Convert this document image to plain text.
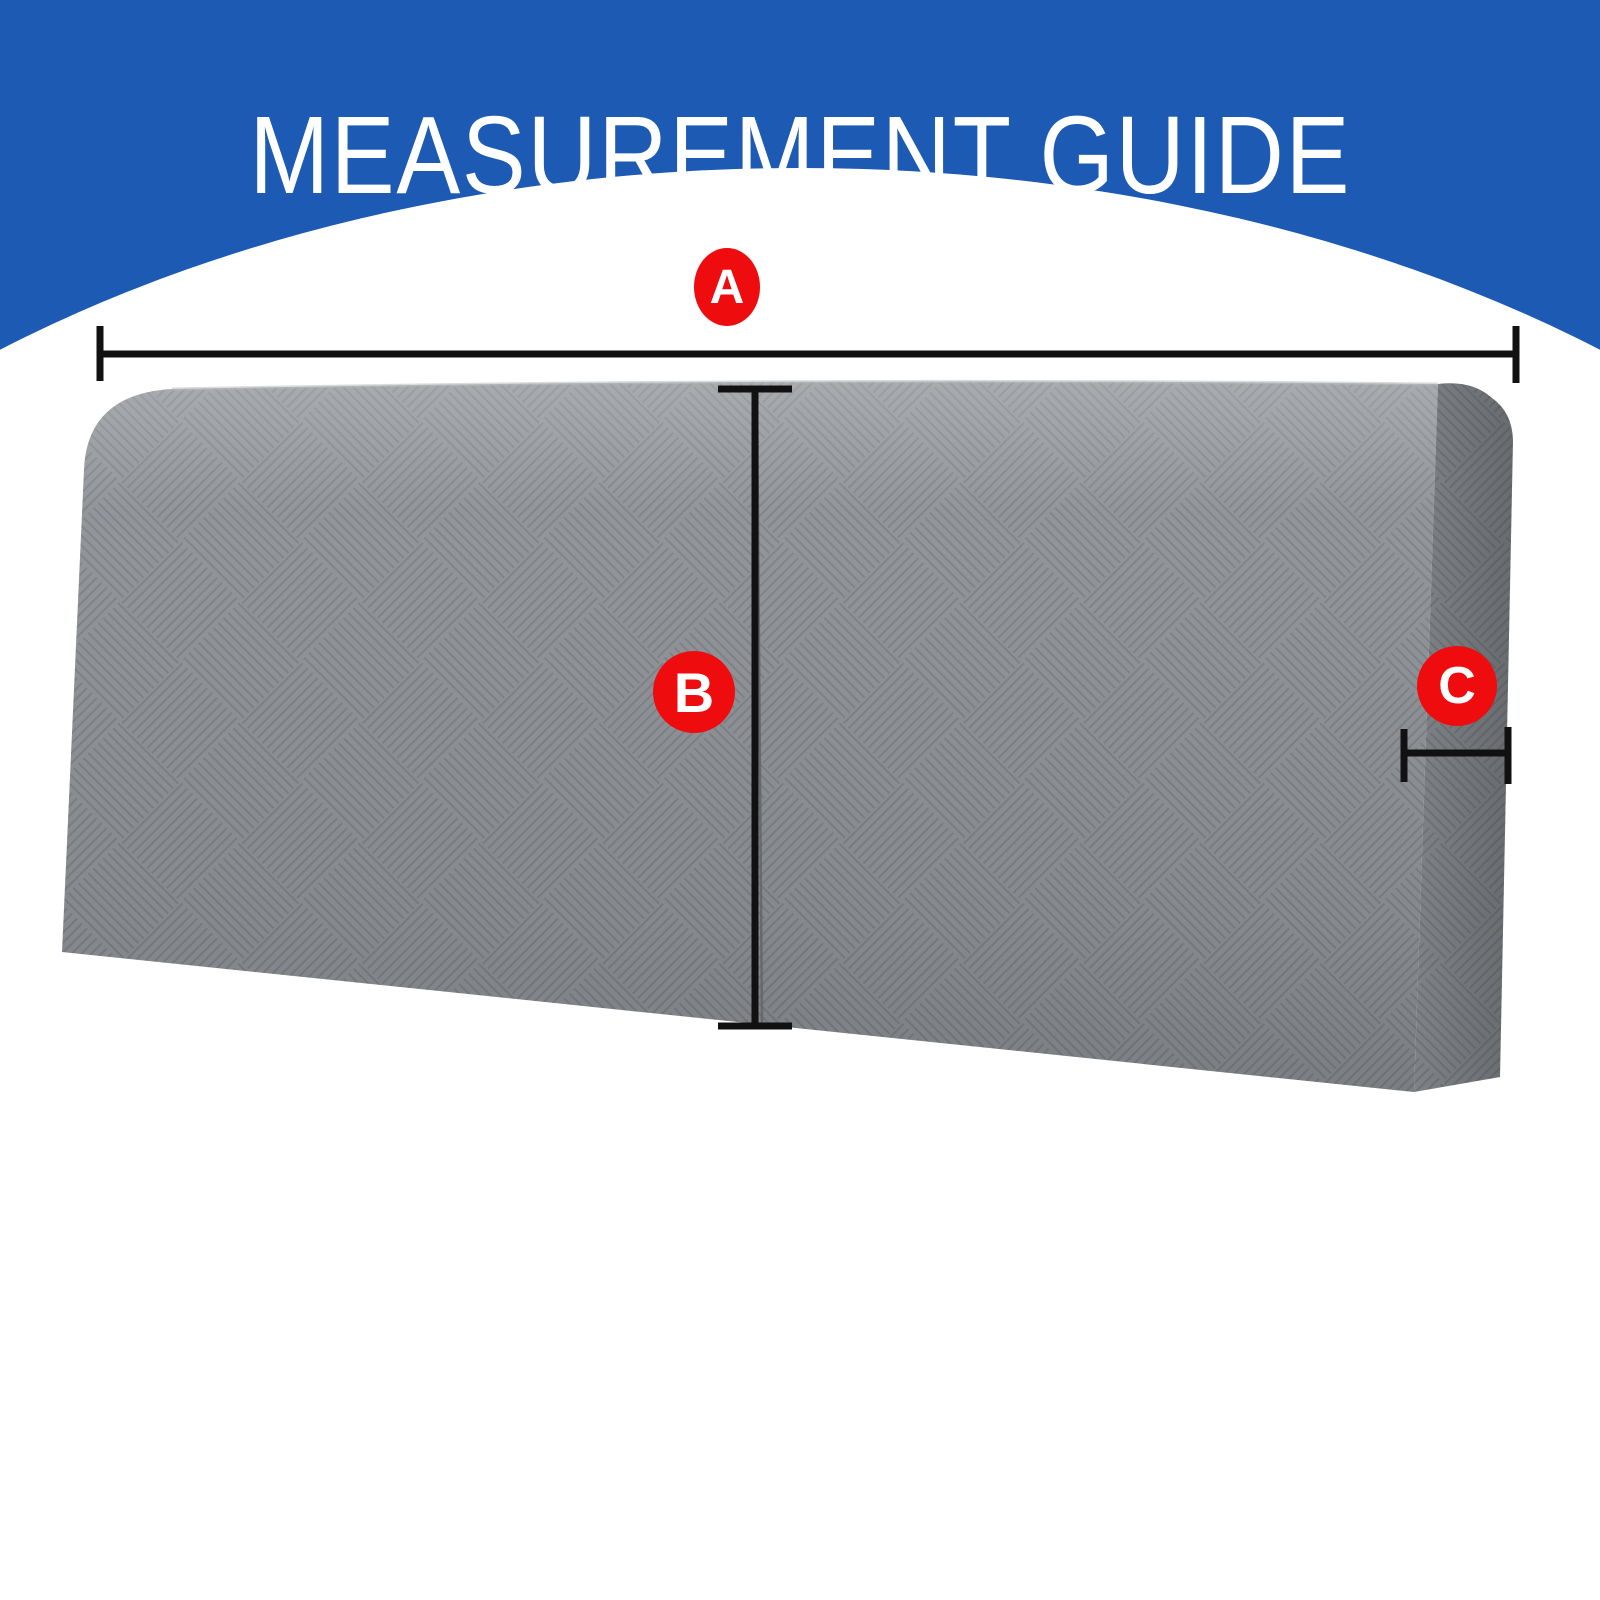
MEASUREMENT GUIDE
A
B	C
